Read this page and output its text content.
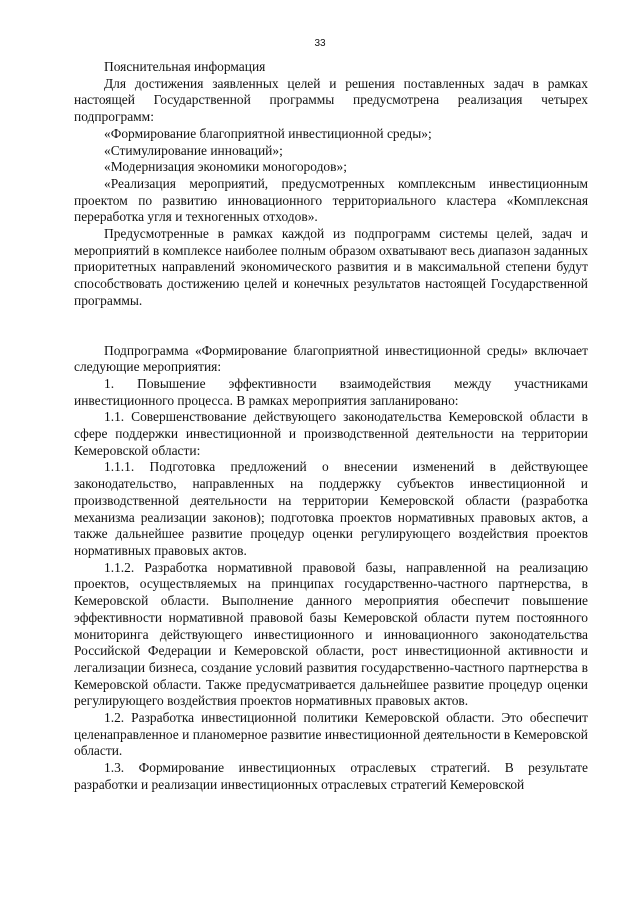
33

Пояснительная информация

Для достижения заявленных целей и решения поставленных задач в рамках настоящей Государственной программы предусмотрена реализация четырех подпрограмм:

«Формирование благоприятной инвестиционной среды»;

«Стимулирование инноваций»;

«Модернизация экономики моногородов»;

«Реализация мероприятий, предусмотренных комплексным инвестиционным проектом по развитию инновационного территориального кластера «Комплексная переработка угля и техногенных отходов».

Предусмотренные в рамках каждой из подпрограмм системы целей, задач и мероприятий в комплексе наиболее полным образом охватывают весь диапазон заданных приоритетных направлений экономического развития и в максимальной степени будут способствовать достижению целей и конечных результатов настоящей Государственной программы.

Подпрограмма «Формирование благоприятной инвестиционной среды» включает следующие мероприятия:

1. Повышение эффективности взаимодействия между участниками инвестиционного процесса. В рамках мероприятия запланировано:

1.1. Совершенствование действующего законодательства Кемеровской области в сфере поддержки инвестиционной и производственной деятельности на территории Кемеровской области:

1.1.1. Подготовка предложений о внесении изменений в действующее законодательство, направленных на поддержку субъектов инвестиционной и производственной деятельности на территории Кемеровской области (разработка механизма реализации законов); подготовка проектов нормативных правовых актов, а также дальнейшее развитие процедур оценки регулирующего воздействия проектов нормативных правовых актов.

1.1.2. Разработка нормативной правовой базы, направленной на реализацию проектов, осуществляемых на принципах государственно-частного партнерства, в Кемеровской области. Выполнение данного мероприятия обеспечит повышение эффективности нормативной правовой базы Кемеровской области путем постоянного мониторинга действующего инвестиционного и инновационного законодательства Российской Федерации и Кемеровской области, рост инвестиционной активности и легализации бизнеса, создание условий развития государственно-частного партнерства в Кемеровской области. Также предусматривается дальнейшее развитие процедур оценки регулирующего воздействия проектов нормативных правовых актов.

1.2. Разработка инвестиционной политики Кемеровской области. Это обеспечит целенаправленное и планомерное развитие инвестиционной деятельности в Кемеровской области.

1.3. Формирование инвестиционных отраслевых стратегий. В результате разработки и реализации инвестиционных отраслевых стратегий Кемеровской
